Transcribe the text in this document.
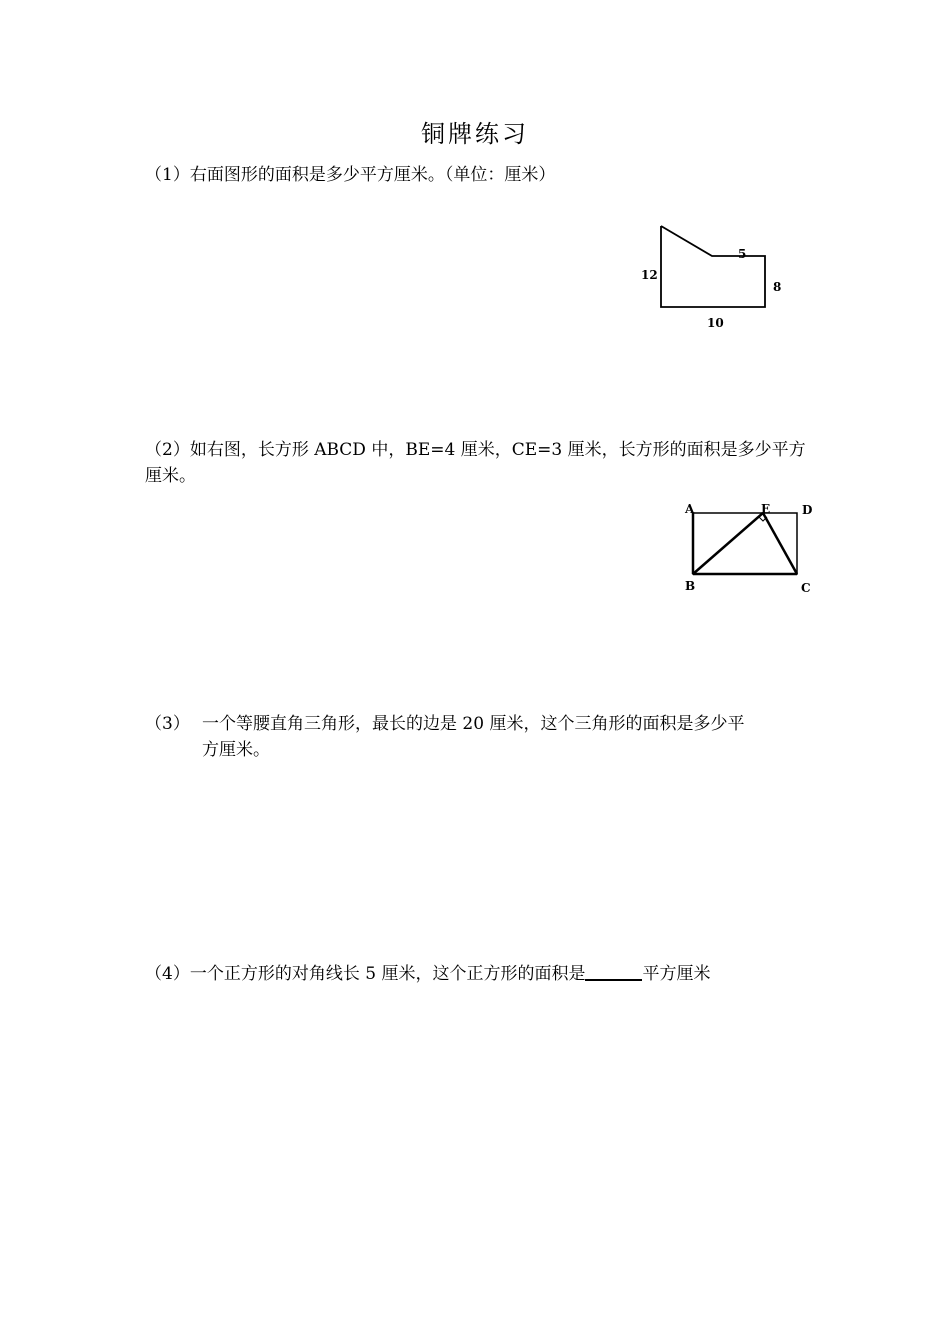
铜牌练习

（1）右面图形的面积是多少平方厘米。（单位：厘米）

5
12
8
10

（2）如右图，长方形 ABCD 中，BE=4 厘米，CE=3 厘米，长方形的面积是多少平方厘米。

A	E	D
B	C

（3） 一个等腰直角三角形，最长的边是 20 厘米，这个三角形的面积是多少平
方厘米。

（4）一个正方形的对角线长 5 厘米，这个正方形的面积是	平方厘米
